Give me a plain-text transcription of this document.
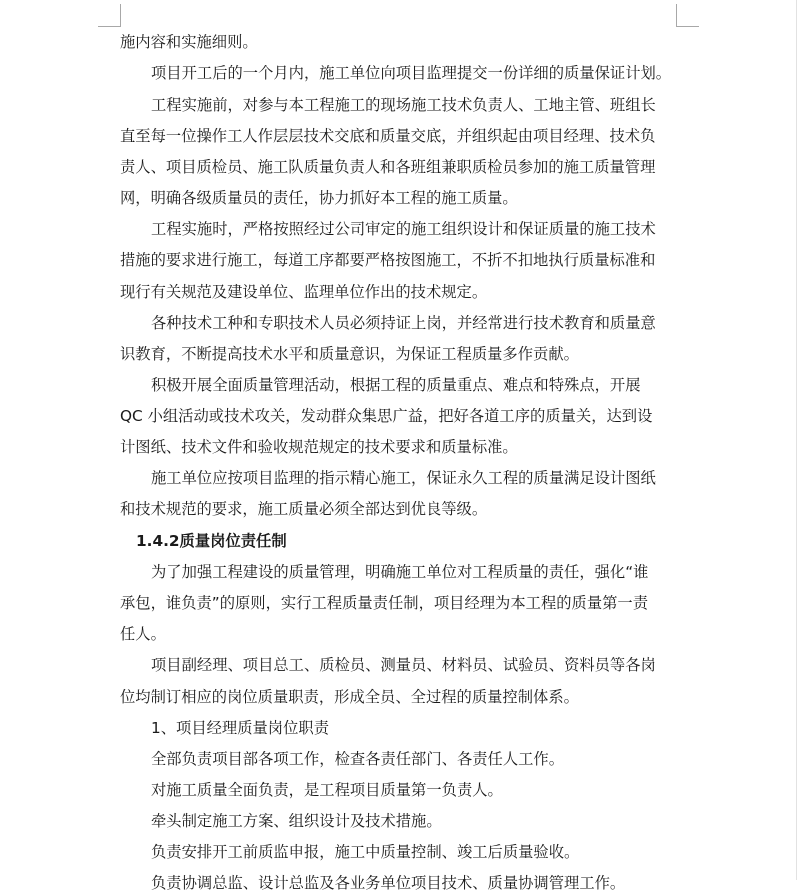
施内容和实施细则。

项目开工后的一个月内，施工单位向项目监理提交一份详细的质量保证计划。

工程实施前，对参与本工程施工的现场施工技术负责人、工地主管、班组长

直至每一位操作工人作层层技术交底和质量交底，并组织起由项目经理、技术负

责人、项目质检员、施工队质量负责人和各班组兼职质检员参加的施工质量管理

网，明确各级质量员的责任，协力抓好本工程的施工质量。

工程实施时，严格按照经过公司审定的施工组织设计和保证质量的施工技术

措施的要求进行施工，每道工序都要严格按图施工，不折不扣地执行质量标准和

现行有关规范及建设单位、监理单位作出的技术规定。

各种技术工种和专职技术人员必须持证上岗，并经常进行技术教育和质量意

识教育，不断提高技术水平和质量意识，为保证工程质量多作贡献。

积极开展全面质量管理活动，根据工程的质量重点、难点和特殊点，开展

QC 小组活动或技术攻关，发动群众集思广益，把好各道工序的质量关，达到设

计图纸、技术文件和验收规范规定的技术要求和质量标准。

施工单位应按项目监理的指示精心施工，保证永久工程的质量满足设计图纸

和技术规范的要求，施工质量必须全部达到优良等级。

1.4.2质量岗位责任制

为了加强工程建设的质量管理，明确施工单位对工程质量的责任，强化“谁

承包，谁负责”的原则，实行工程质量责任制，项目经理为本工程的质量第一责

任人。

项目副经理、项目总工、质检员、测量员、材料员、试验员、资料员等各岗

位均制订相应的岗位质量职责，形成全员、全过程的质量控制体系。

1、项目经理质量岗位职责

全部负责项目部各项工作，检查各责任部门、各责任人工作。

对施工质量全面负责，是工程项目质量第一负责人。

牵头制定施工方案、组织设计及技术措施。

负责安排开工前质监申报，施工中质量控制、竣工后质量验收。

负责协调总监、设计总监及各业务单位项目技术、质量协调管理工作。
